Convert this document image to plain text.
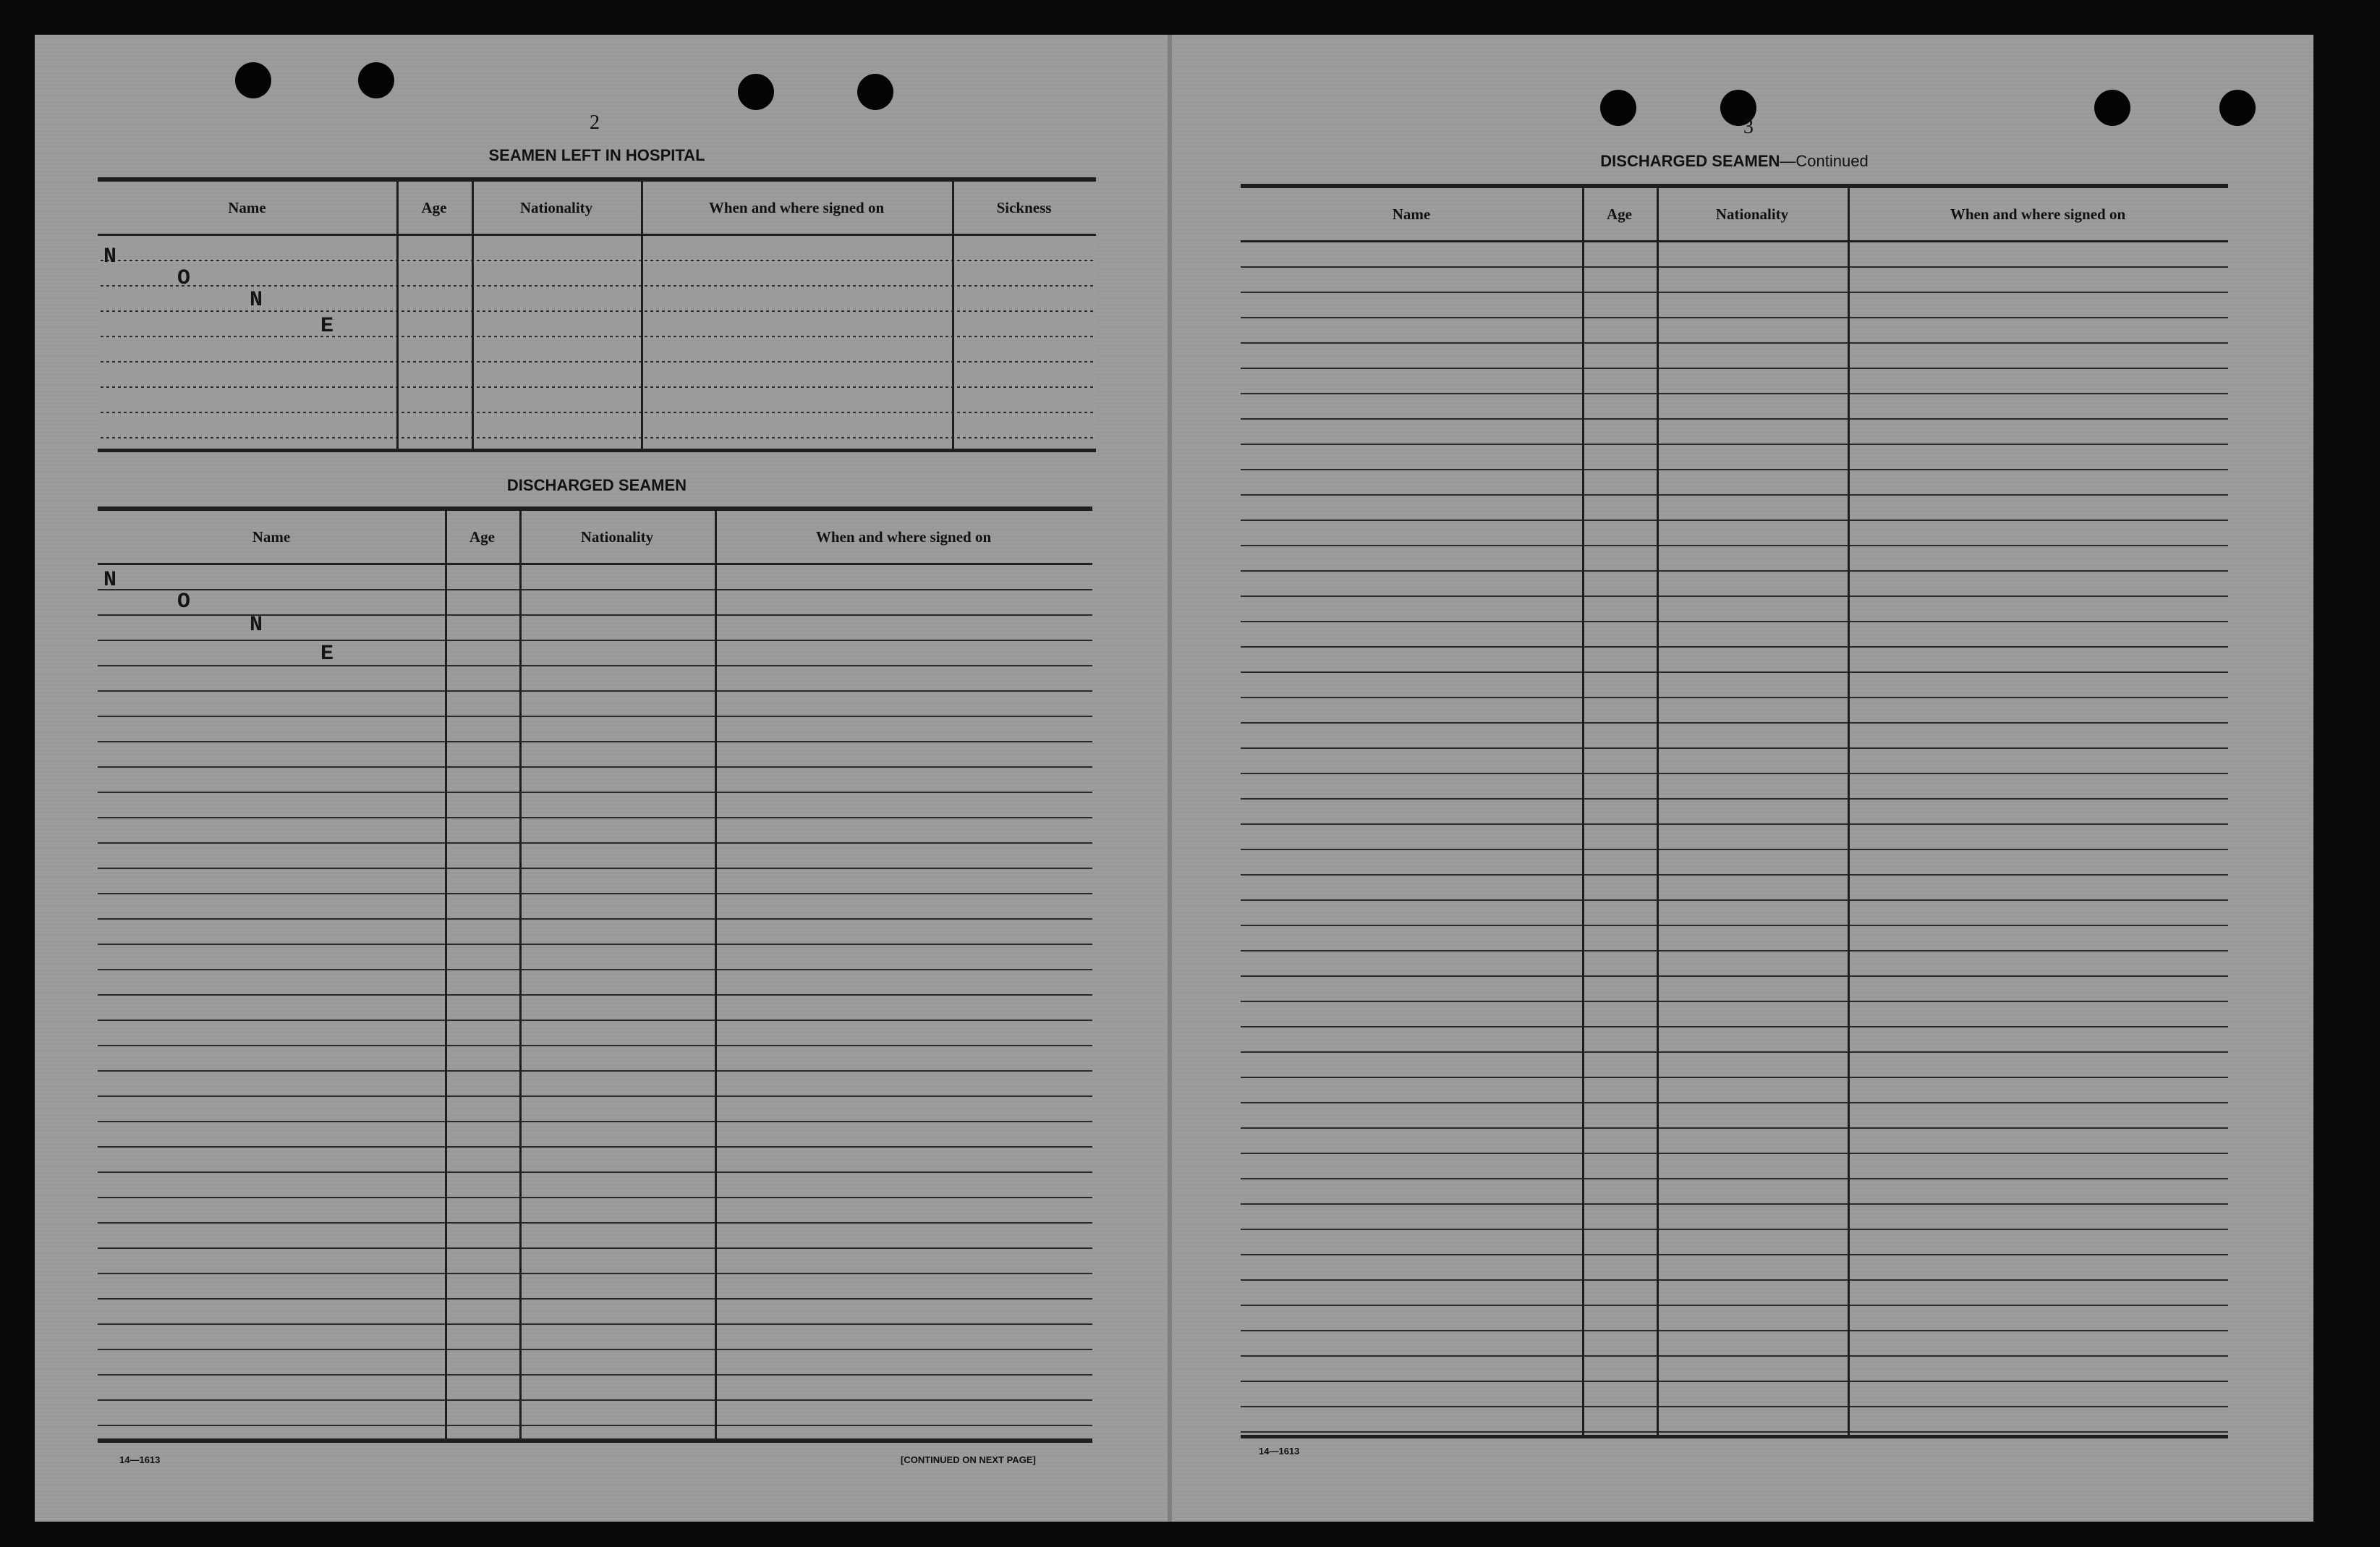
2
SEAMEN LEFT IN HOSPITAL
Name	Age	Nationality	When and where signed on	Sickness
N
O
N
E
DISCHARGED SEAMEN
Name	Age	Nationality	When and where signed on
N
O
N
E
14—1613	[CONTINUED ON NEXT PAGE]
3
DISCHARGED SEAMEN—Continued
Name	Age	Nationality	When and where signed on
14—1613
